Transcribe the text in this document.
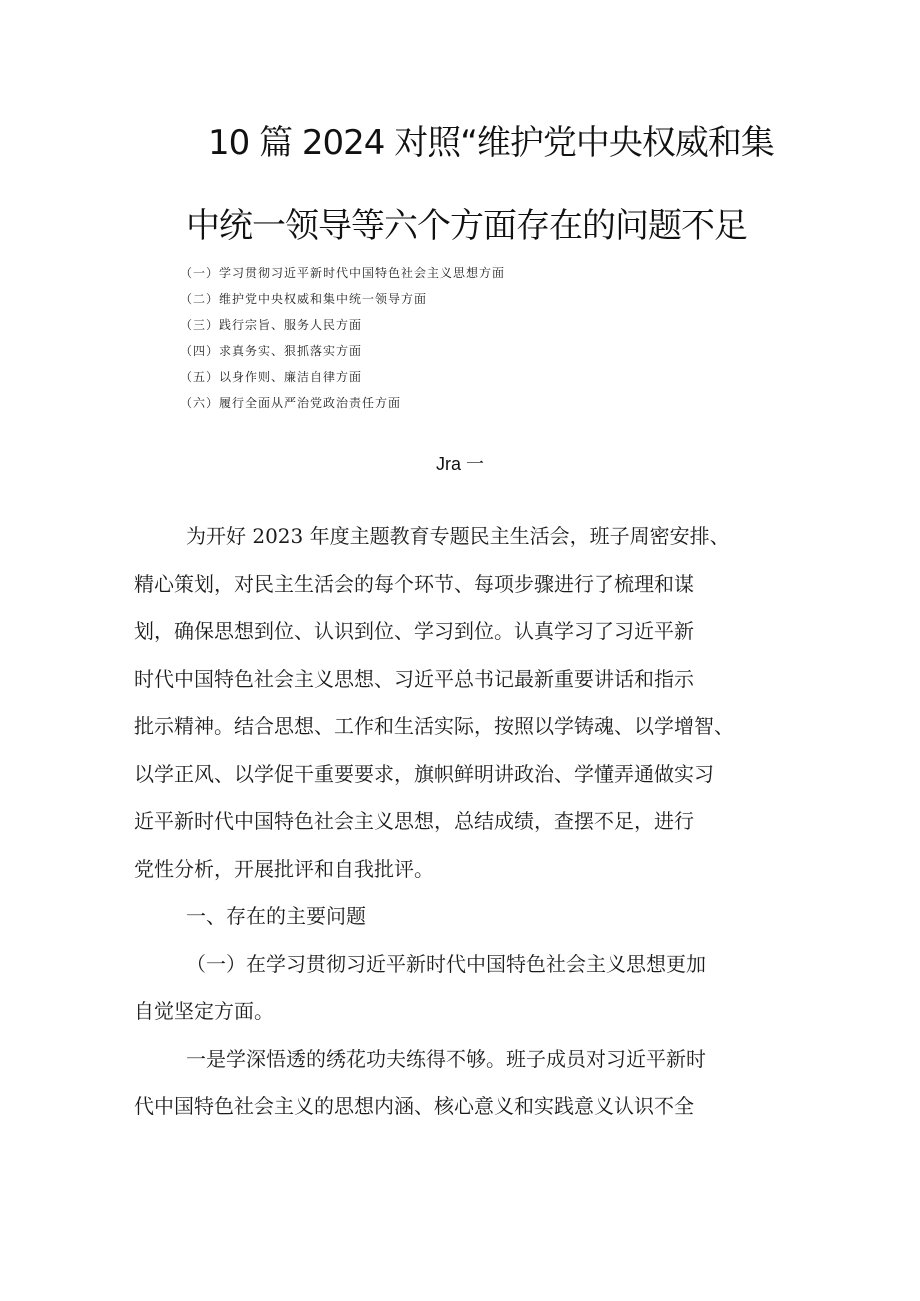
10 篇 2024 对照“维护党中央权威和集
中统一领导等六个方面存在的问题不足
（一）学习贯彻习近平新时代中国特色社会主义思想方面
（二）维护党中央权威和集中统一领导方面
（三）践行宗旨、服务人民方面
（四）求真务实、狠抓落实方面
（五）以身作则、廉洁自律方面
（六）履行全面从严治党政治责任方面
Jra 一

为开好 2023 年度主题教育专题民主生活会，班子周密安排、

精心策划，对民主生活会的每个环节、每项步骤进行了梳理和谋

划，确保思想到位、认识到位、学习到位。认真学习了习近平新

时代中国特色社会主义思想、习近平总书记最新重要讲话和指示

批示精神。结合思想、工作和生活实际，按照以学铸魂、以学增智、

以学正风、以学促干重要要求，旗帜鲜明讲政治、学懂弄通做实习

近平新时代中国特色社会主义思想，总结成绩，查摆不足，进行

党性分析，开展批评和自我批评。

一、存在的主要问题

（一）在学习贯彻习近平新时代中国特色社会主义思想更加

自觉坚定方面。

一是学深悟透的绣花功夫练得不够。班子成员对习近平新时

代中国特色社会主义的思想内涵、核心意义和实践意义认识不全
